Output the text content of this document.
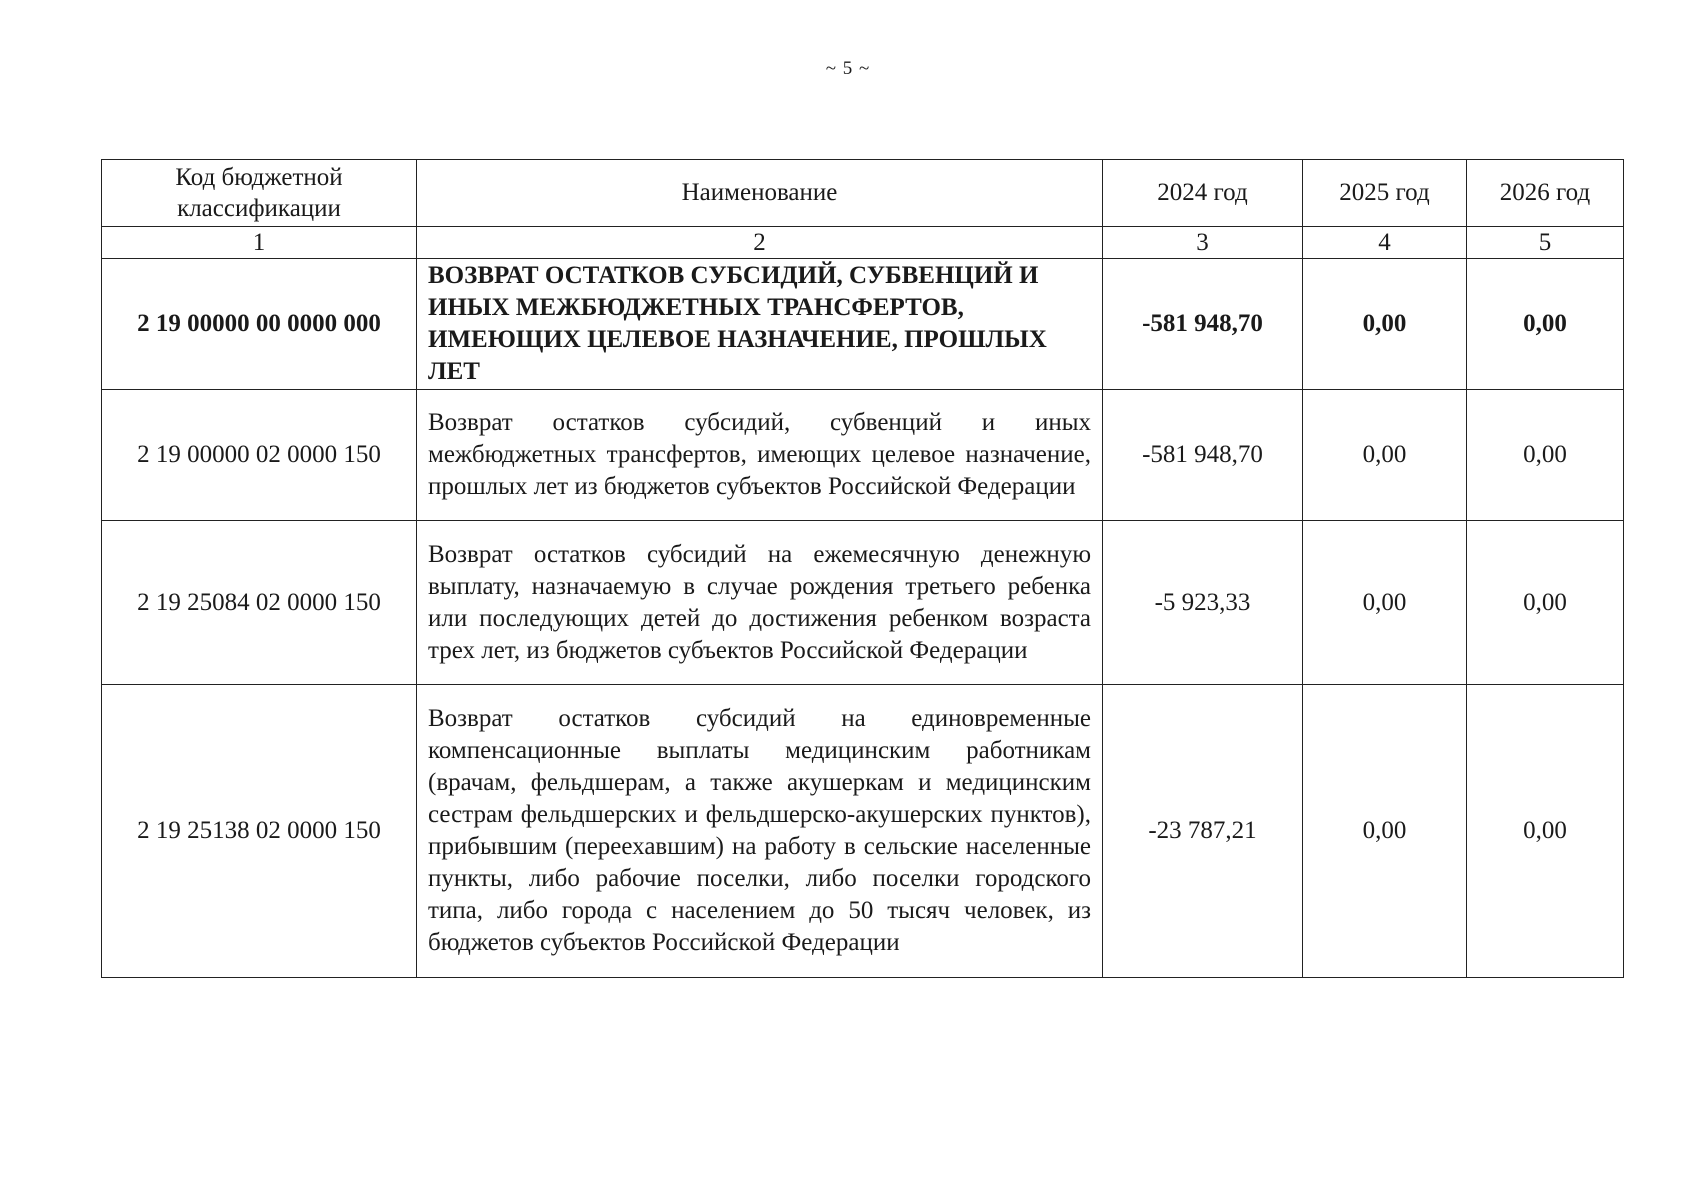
~ 5 ~
Код бюджетной классификации	Наименование	2024 год	2025 год	2026 год
1	2	3	4	5
2 19 00000 00 0000 000	ВОЗВРАТ ОСТАТКОВ СУБСИДИЙ, СУБВЕНЦИЙ И ИНЫХ МЕЖБЮДЖЕТНЫХ ТРАНСФЕРТОВ, ИМЕЮЩИХ ЦЕЛЕВОЕ НАЗНАЧЕНИЕ, ПРОШЛЫХ ЛЕТ	-581 948,70	0,00	0,00
2 19 00000 02 0000 150	Возврат остатков субсидий, субвенций и иных межбюджетных трансфертов, имеющих целевое назначение, прошлых лет из бюджетов субъектов Российской Федерации	-581 948,70	0,00	0,00
2 19 25084 02 0000 150	Возврат остатков субсидий на ежемесячную денежную выплату, назначаемую в случае рождения третьего ребенка или последующих детей до достижения ребенком возраста трех лет, из бюджетов субъектов Российской Федерации	-5 923,33	0,00	0,00
2 19 25138 02 0000 150	Возврат остатков субсидий на единовременные компенсационные выплаты медицинским работникам (врачам, фельдшерам, а также акушеркам и медицинским сестрам фельдшерских и фельдшерско-акушерских пунктов), прибывшим (переехавшим) на работу в сельские населенные пункты, либо рабочие поселки, либо поселки городского типа, либо города с населением до 50 тысяч человек, из бюджетов субъектов Российской Федерации	-23 787,21	0,00	0,00
